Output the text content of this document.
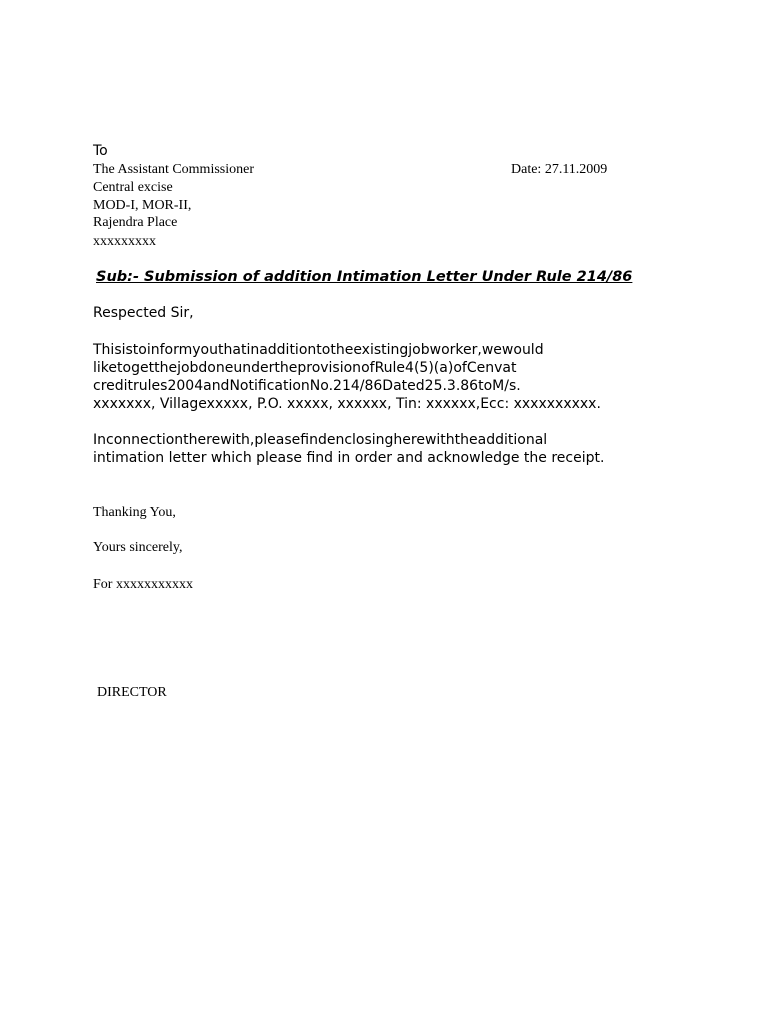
To
The Assistant Commissioner	Date: 27.11.2009
Central excise
MOD-I, MOR-II,
Rajendra Place
xxxxxxxxx
Sub:- Submission of addition Intimation Letter Under Rule 214/86
Respected Sir,
Thisistoinformyouthatinadditiontotheexistingjobworker,wewould
liketogetthejobdoneundertheprovisionofRule4(5)(a)ofCenvat
creditrules2004andNotificationNo.214/86Dated25.3.86toM/s.
xxxxxxx, Villagexxxxx, P.O. xxxxx, xxxxxx, Tin: xxxxxx,Ecc: xxxxxxxxxx.
Inconnectiontherewith,pleasefindenclosingherewiththeadditional
intimation letter which please find in order and acknowledge the receipt.
Thanking You,
Yours sincerely,
For xxxxxxxxxxx
DIRECTOR
